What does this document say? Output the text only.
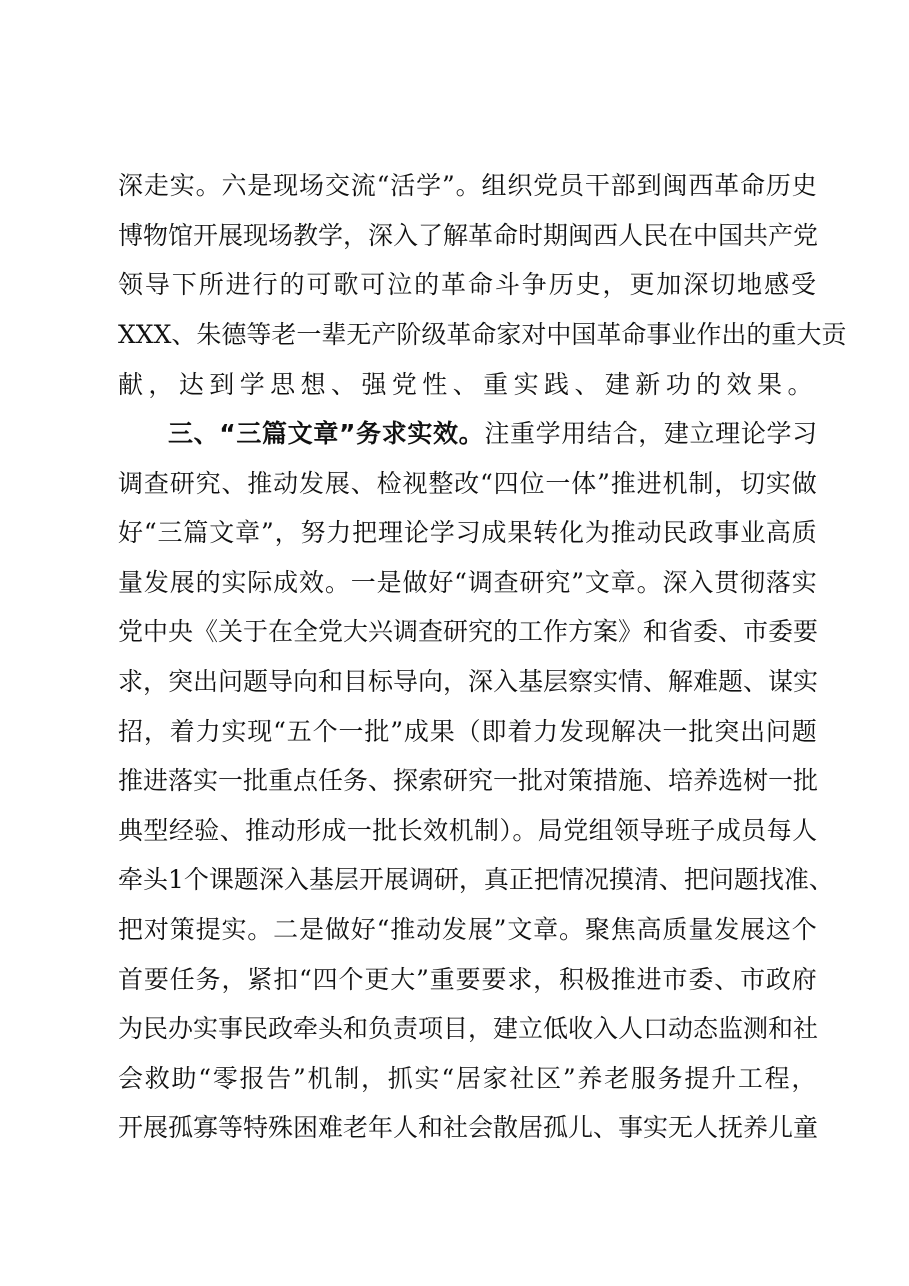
深走实。六是现场交流“活学”。组织党员干部到闽西革命历史
博物馆开展现场教学，深入了解革命时期闽西人民在中国共产党
领导下所进行的可歌可泣的革命斗争历史，更加深切地感受
XXX、朱德等老一辈无产阶级革命家对中国革命事业作出的重大贡
献，达到学思想、强党性、重实践、建新功的效果。
三、“三篇文章”务求实效。注重学用结合，建立理论学习
调查研究、推动发展、检视整改“四位一体”推进机制，切实做
好“三篇文章”，努力把理论学习成果转化为推动民政事业高质
量发展的实际成效。一是做好“调查研究”文章。深入贯彻落实
党中央《关于在全党大兴调查研究的工作方案》和省委、市委要
求，突出问题导向和目标导向，深入基层察实情、解难题、谋实
招，着力实现“五个一批”成果（即着力发现解决一批突出问题
推进落实一批重点任务、探索研究一批对策措施、培养选树一批
典型经验、推动形成一批长效机制）。局党组领导班子成员每人
牵头1个课题深入基层开展调研，真正把情况摸清、把问题找准、
把对策提实。二是做好“推动发展”文章。聚焦高质量发展这个
首要任务，紧扣“四个更大”重要要求，积极推进市委、市政府
为民办实事民政牵头和负责项目，建立低收入人口动态监测和社
会救助“零报告”机制，抓实“居家社区”养老服务提升工程，
开展孤寡等特殊困难老年人和社会散居孤儿、事实无人抚养儿童
